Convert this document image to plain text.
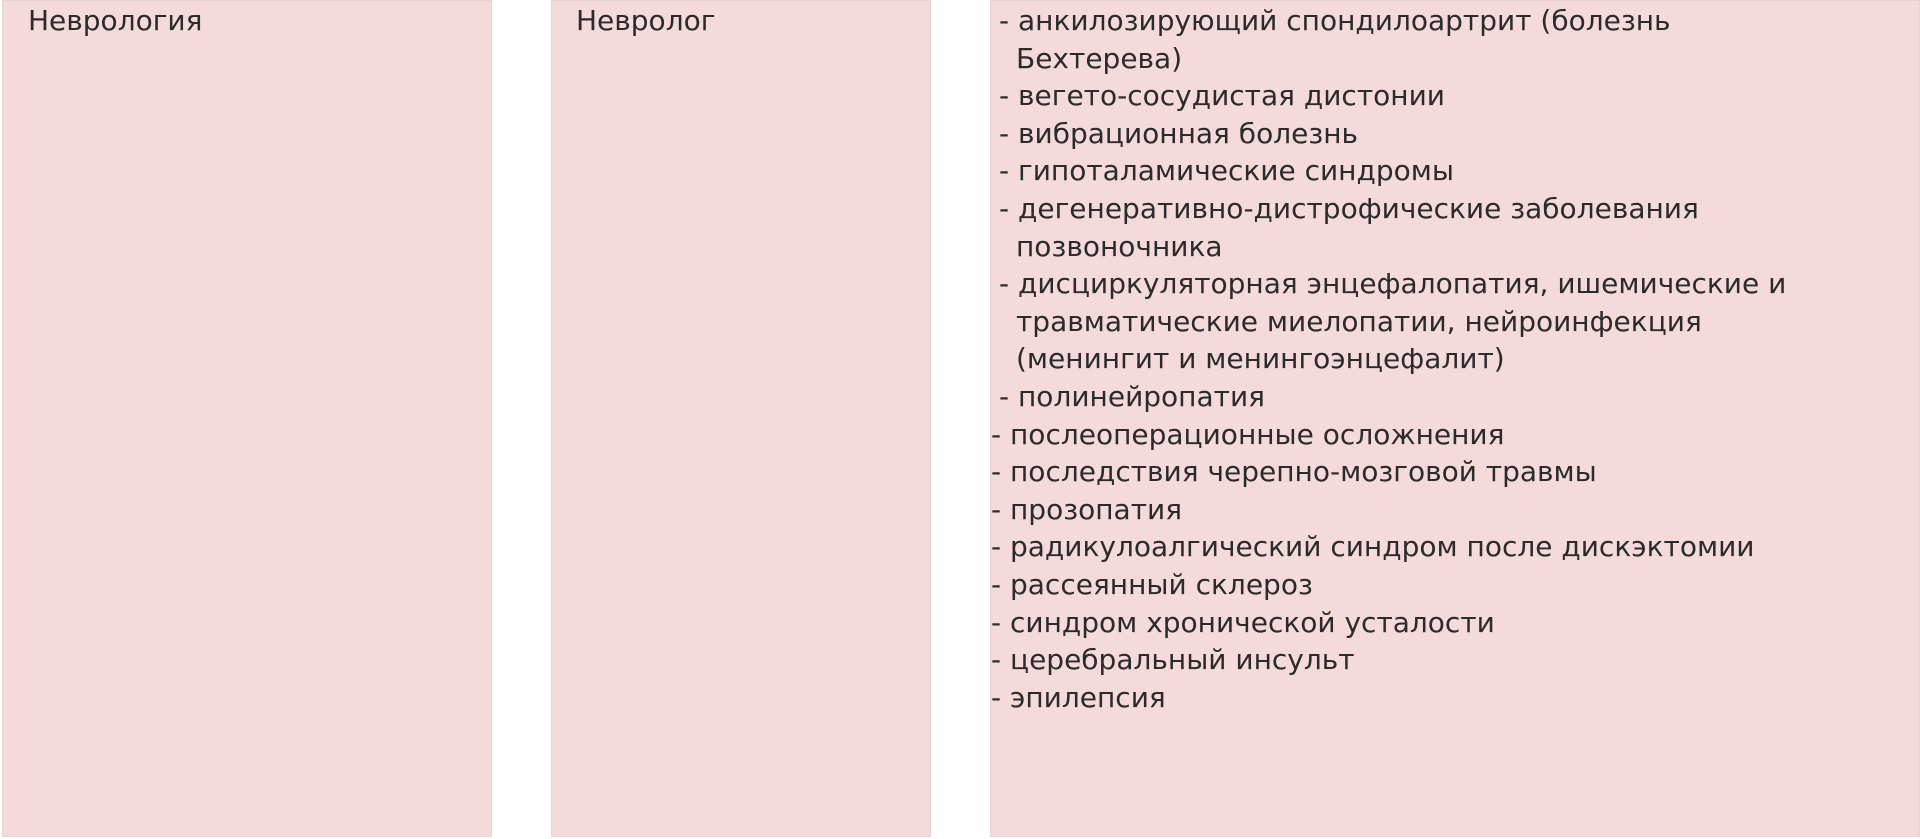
Неврология	Невролог	- анкилозирующий спондилоартрит (болезнь
Бехтерева)
- вегето-сосудистая дистонии
- вибрационная болезнь
- гипоталамические синдромы
- дегенеративно-дистрофические заболевания
позвоночника
- дисциркуляторная энцефалопатия, ишемические и
травматические миелопатии, нейроинфекция
(менингит и менингоэнцефалит)
- полинейропатия
- послеоперационные осложнения
- последствия черепно-мозговой травмы
- прозопатия
- радикулоалгический синдром после дискэктомии
- рассеянный склероз
- синдром хронической усталости
- церебральный инсульт
- эпилепсия
